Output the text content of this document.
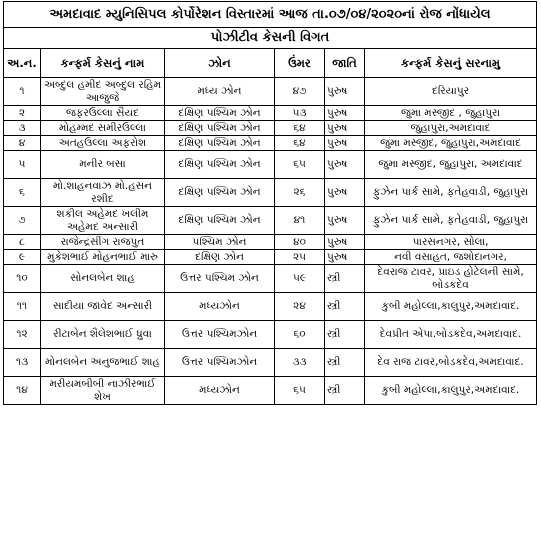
અમદાવાદ મ્યુનિસિપલ કોર્પોરેશન વિસ્તારમાં આજ તા.૦૭/૦૪/૨૦૨૦નાં રોજ નોંધાયેલ					
પોઝીટીવ કેસની વિગત					
અ.ન.	કન્ફર્મ કેસનું નામ	ઝોન	ઉંમર	જાતિ	કન્ફર્મ કેસનું સરનામુ
૧	અબ્દુલ હમીદ અબ્દુલ રહિમ આજુજે	મધ્ય ઝોન	૪૭	પુરુષ	દરિયાપુર
૨	જફરઉલ્લા સૈયદ	દક્ષિણ પશ્ચિમ ઝોન	૫૩	પુરુષ	જુમા મસ્જીદ , જુહાપુરા
૩	મોહમ્મદ સમીરઉલ્લા	દક્ષિણ પશ્ચિમ ઝોન	૬૪	પુરુષ	જુહાપુરા,અમદાવાદ
૪	અતહઉલ્લા અફરોશ	દક્ષિણ પશ્ચિમ ઝોન	૬૪	પુરુષ	જુમા મસ્જીદ, જુહાપુરા,અમદાવાદ
૫	મનીર બસા	દક્ષિણ પશ્ચિમ ઝોન	૬૫	પુરુષ	જુમા મસ્જીદ, જુહાપુરા, અમદાવાદ
૬	મો.શાહનવાઝ મો.હસન રશીદ	દક્ષિણ પશ્ચિમ ઝોન	૨૬	પુરુષ	ફુઝેન પાર્ક સામે, ફતેહવાડી, જુહાપુરા
૭	શકીલ અહેમદ ખલીમ અહેમદ અન્સારી	દક્ષિણ પશ્ચિમ ઝોન	૪૧	પુરુષ	ફુઝેન પાર્ક સામે, ફતેહવાડી, જુહાપુરા
૮	રાજેન્દ્રસીંગ રાજપુત	પશ્ચિમ ઝોન	૪૦	પુરુષ	પારસનગર, સોલા,
૯	મુકેશભાઈ મોહનભાઈ મારુ	દક્ષિણ ઝોન	૨૫	પુરુષ	નવી વસાહત, જશોદાનગર,
૧૦	સોનલબેન શાહ	ઉત્તર પશ્ચિમ ઝોન	૫૯	સ્ત્રી	દેવરાજ ટાવર, પ્રાઇડ હોટેલની સામે, બોડકદેવ
૧૧	સાદીયા જાવેદ અન્સારી	મધ્યઝોન	૨૪	સ્ત્રી	કુબી મહોલ્લા,કાલુપુર,અમદાવાદ.
૧૨	રીટાબેન શૈલેશભાઈ ધ્રુવા	ઉત્તર પશ્ચિમઝોન	૬૦	સ્ત્રી	દેવપ્રીત એપા.બોડકદેવ,અમદાવાદ.
૧૩	મોનલબેન અનુજભાઈ શાહ	ઉત્તર પશ્ચિમઝોન	૩૩	સ્ત્રી	દેવ રાજ ટાવર,બોડકદેવ,અમદાવાદ.
૧૪	મરીયમબીબી નાઝીરભાઈ શેખ	મધ્યઝોન	૬૫	સ્ત્રી	કુબી મહોલ્લા,કાલુપુર,અમદાવાદ.
